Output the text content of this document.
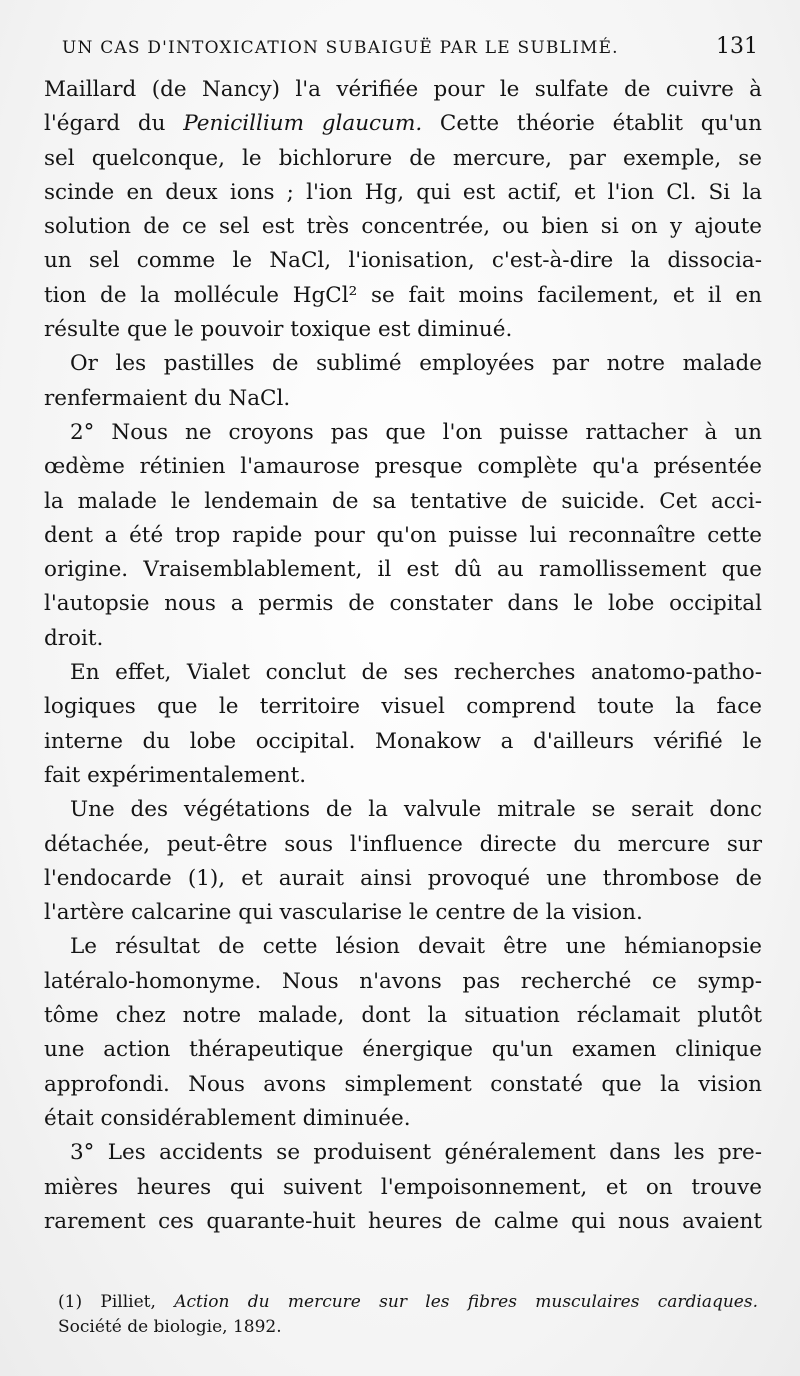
UN CAS D'INTOXICATION SUBAIGUË PAR LE SUBLIMÉ.	131

Maillard (de Nancy) l'a vérifiée pour le sulfate de cuivre à
l'égard du Penicillium glaucum. Cette théorie établit qu'un
sel quelconque, le bichlorure de mercure, par exemple, se
scinde en deux ions ; l'ion Hg, qui est actif, et l'ion Cl. Si la
solution de ce sel est très concentrée, ou bien si on y ajoute
un sel comme le NaCl, l'ionisation, c'est-à-dire la dissocia-
tion de la mollécule HgCl² se fait moins facilement, et il en
résulte que le pouvoir toxique est diminué.

Or les pastilles de sublimé employées par notre malade
renfermaient du NaCl.

2° Nous ne croyons pas que l'on puisse rattacher à un
œdème rétinien l'amaurose presque complète qu'a présentée
la malade le lendemain de sa tentative de suicide. Cet acci-
dent a été trop rapide pour qu'on puisse lui reconnaître cette
origine. Vraisemblablement, il est dû au ramollissement que
l'autopsie nous a permis de constater dans le lobe occipital
droit.

En effet, Vialet conclut de ses recherches anatomo-patho-
logiques que le territoire visuel comprend toute la face
interne du lobe occipital. Monakow a d'ailleurs vérifié le
fait expérimentalement.

Une des végétations de la valvule mitrale se serait donc
détachée, peut-être sous l'influence directe du mercure sur
l'endocarde (1), et aurait ainsi provoqué une thrombose de
l'artère calcarine qui vascularise le centre de la vision.

Le résultat de cette lésion devait être une hémianopsie
latéralo-homonyme. Nous n'avons pas recherché ce symp-
tôme chez notre malade, dont la situation réclamait plutôt
une action thérapeutique énergique qu'un examen clinique
approfondi. Nous avons simplement constaté que la vision
était considérablement diminuée.

3° Les accidents se produisent généralement dans les pre-
mières heures qui suivent l'empoisonnement, et on trouve
rarement ces quarante-huit heures de calme qui nous avaient

(1) Pilliet, Action du mercure sur les fibres musculaires cardiaques.
Société de biologie, 1892.
